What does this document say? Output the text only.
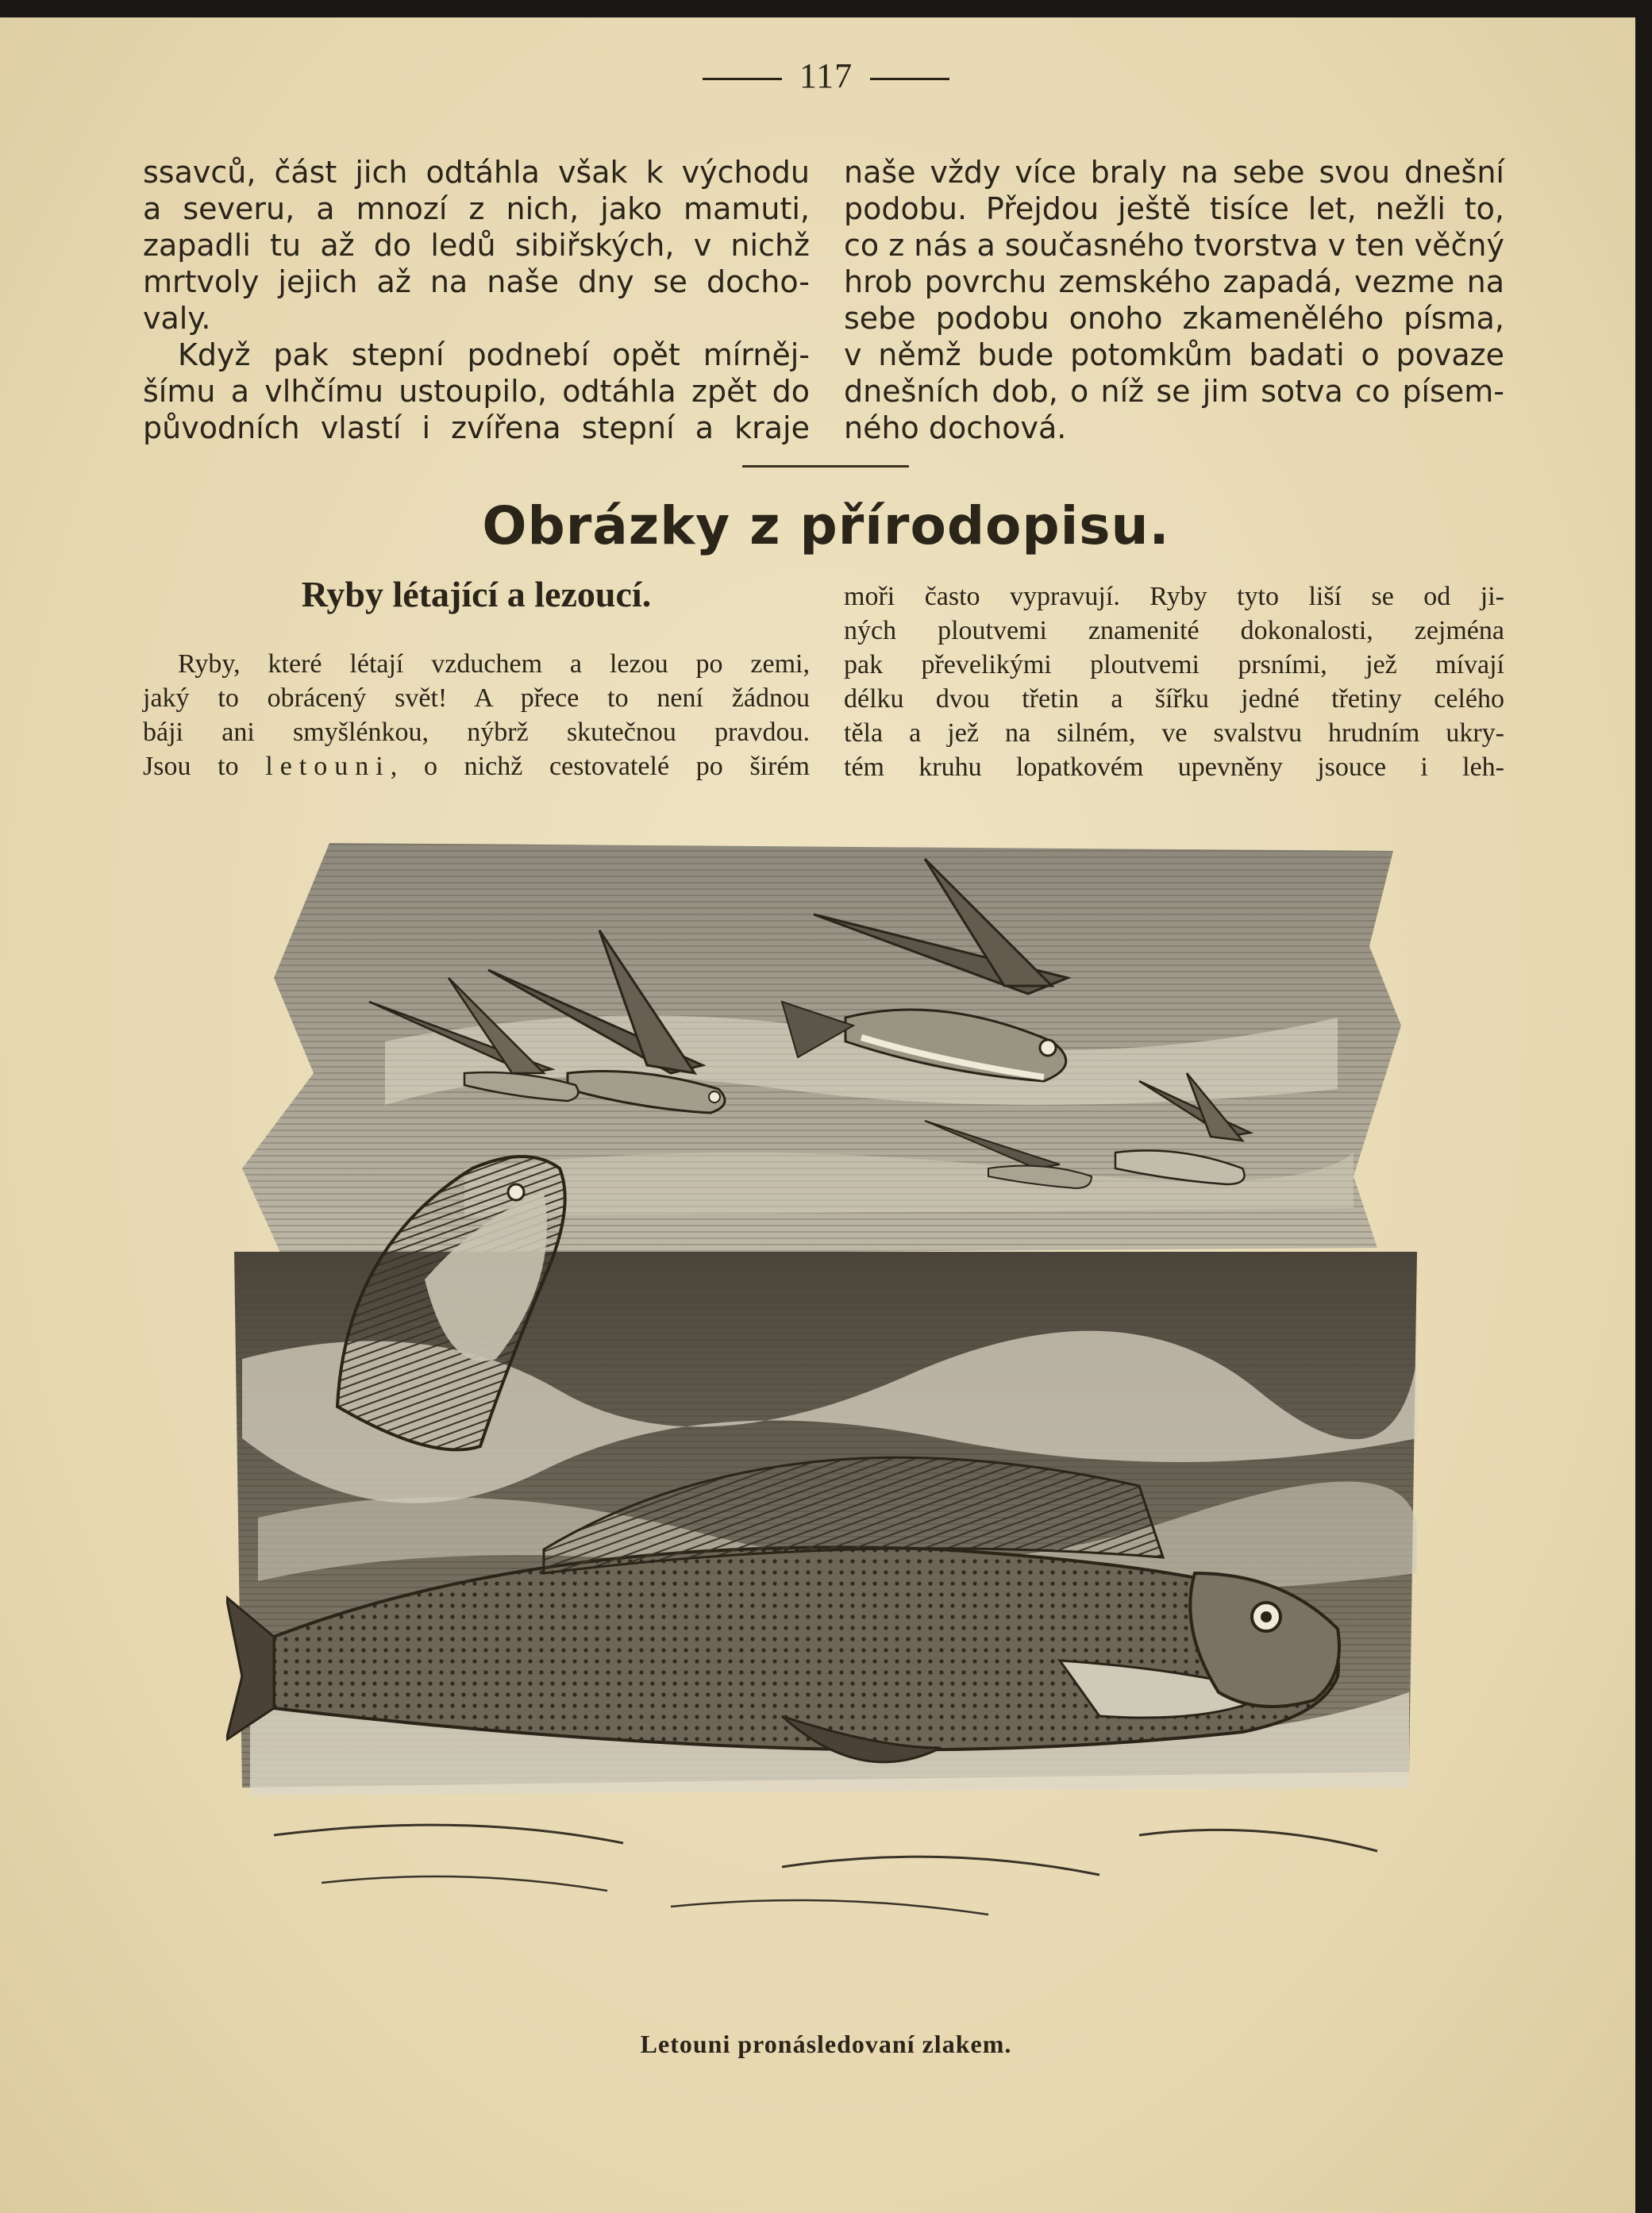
117
ssavců, část jich odtáhla však k východu
a severu, a mnozí z nich, jako mamuti,
zapadli tu až do ledů sibiřských, v nichž
mrtvoly jejich až na naše dny se docho-
valy.
Když pak stepní podnebí opět mírněj-
šímu a vlhčímu ustoupilo, odtáhla zpět do
původních vlastí i zvířena stepní a kraje
naše vždy více braly na sebe svou dnešní
podobu. Přejdou ještě tisíce let, nežli to,
co z nás a současného tvorstva v ten věčný
hrob povrchu zemského zapadá, vezme na
sebe podobu onoho zkamenělého písma,
v němž bude potomkům badati o povaze
dnešních dob, o níž se jim sotva co písem-
ného dochová.
Obrázky z přírodopisu.
Ryby létající a lezoucí.
Ryby, které létají vzduchem a lezou po zemi,
jaký to obrácený svět! A přece to není žádnou
báji ani smyšlénkou, nýbrž skutečnou pravdou.
Jsou to letouni, o nichž cestovatelé po širém
moři často vypravují. Ryby tyto liší se od ji-
ných ploutvemi znamenité dokonalosti, zejména
pak převelikými ploutvemi prsními, jež mívají
délku dvou třetin a šířku jedné třetiny celého
těla a jež na silném, ve svalstvu hrudním ukry-
tém kruhu lopatkovém upevněny jsouce i leh-
Letouni pronásledovaní zlakem.
